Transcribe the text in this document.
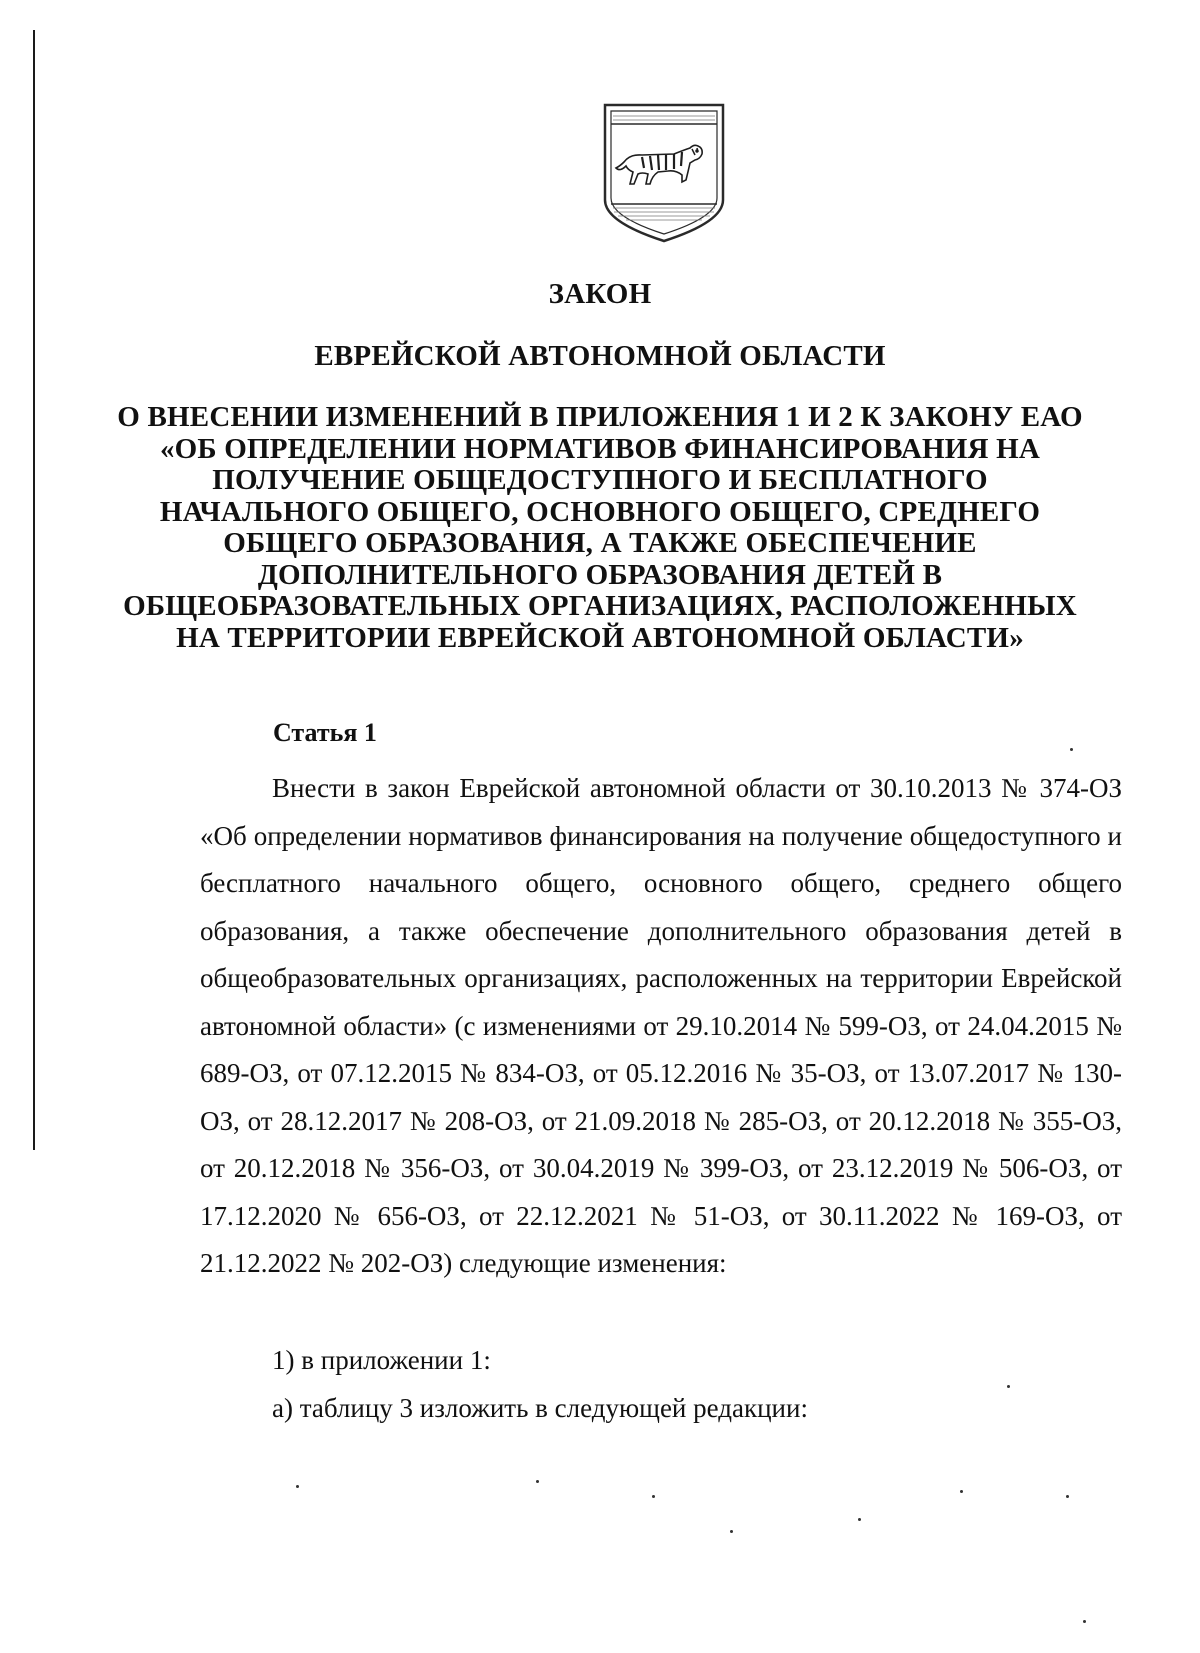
ЗАКОН
ЕВРЕЙСКОЙ АВТОНОМНОЙ ОБЛАСТИ
О ВНЕСЕНИИ ИЗМЕНЕНИЙ В ПРИЛОЖЕНИЯ 1 И 2 К ЗАКОНУ ЕАО
«ОБ ОПРЕДЕЛЕНИИ НОРМАТИВОВ ФИНАНСИРОВАНИЯ НА
ПОЛУЧЕНИЕ ОБЩЕДОСТУПНОГО И БЕСПЛАТНОГО
НАЧАЛЬНОГО ОБЩЕГО, ОСНОВНОГО ОБЩЕГО, СРЕДНЕГО
ОБЩЕГО ОБРАЗОВАНИЯ, А ТАКЖЕ ОБЕСПЕЧЕНИЕ
ДОПОЛНИТЕЛЬНОГО ОБРАЗОВАНИЯ ДЕТЕЙ В
ОБЩЕОБРАЗОВАТЕЛЬНЫХ ОРГАНИЗАЦИЯХ, РАСПОЛОЖЕННЫХ
НА ТЕРРИТОРИИ ЕВРЕЙСКОЙ АВТОНОМНОЙ ОБЛАСТИ»
Статья 1

Внести в закон Еврейской автономной области от 30.10.2013 № 374-ОЗ «Об определении нормативов финансирования на получение общедоступного и бесплатного начального общего, основного общего, среднего общего образования, а также обеспечение дополнительного образования детей в общеобразовательных организациях, расположенных на территории Еврейской автономной области» (с изменениями от 29.10.2014 № 599-ОЗ, от 24.04.2015 № 689-ОЗ, от 07.12.2015 № 834-ОЗ, от 05.12.2016 № 35-ОЗ, от 13.07.2017 № 130-ОЗ, от 28.12.2017 № 208-ОЗ, от 21.09.2018 № 285-ОЗ, от 20.12.2018 № 355-ОЗ, от 20.12.2018 № 356-ОЗ, от 30.04.2019 № 399-ОЗ, от 23.12.2019 № 506-ОЗ, от 17.12.2020 № 656-ОЗ, от 22.12.2021 № 51-ОЗ, от 30.11.2022 № 169-ОЗ, от 21.12.2022 № 202-ОЗ) следующие изменения:

1) в приложении 1:
а) таблицу 3 изложить в следующей редакции:
